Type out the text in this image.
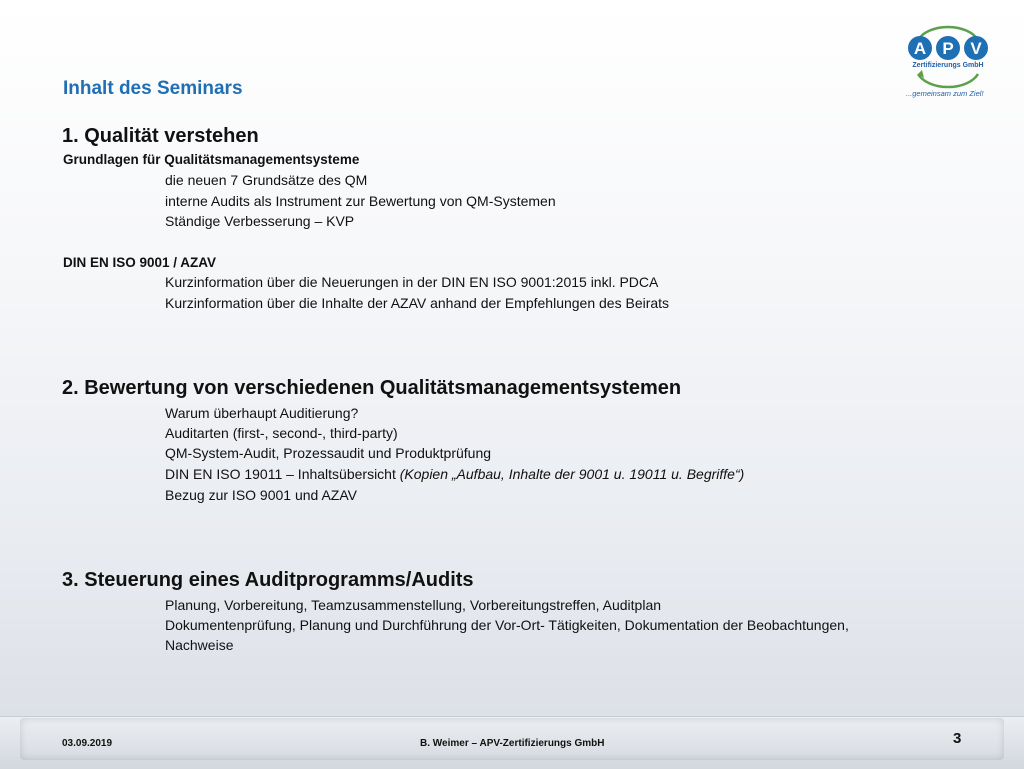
A P V
Zertifizierungs GmbH
...gemeinsam zum Ziel!
Inhalt des Seminars
1. Qualität verstehen
Grundlagen für Qualitätsmanagementsysteme
die neuen 7 Grundsätze des QM
interne Audits als Instrument zur Bewertung von QM-Systemen
Ständige Verbesserung – KVP
DIN EN ISO 9001 / AZAV
Kurzinformation über die Neuerungen in der DIN EN ISO 9001:2015 inkl. PDCA
Kurzinformation über die Inhalte der AZAV anhand der Empfehlungen des Beirats
2. Bewertung von verschiedenen Qualitätsmanagementsystemen
Warum überhaupt Auditierung?
Auditarten (first-, second-, third-party)
QM-System-Audit, Prozessaudit und Produktprüfung
DIN EN ISO 19011 – Inhaltsübersicht (Kopien „Aufbau, Inhalte der 9001 u. 19011 u. Begriffe“)
Bezug zur ISO 9001 und AZAV
3. Steuerung eines Auditprogramms/Audits
Planung, Vorbereitung, Teamzusammenstellung, Vorbereitungstreffen, Auditplan
Dokumentenprüfung, Planung und Durchführung der Vor-Ort- Tätigkeiten, Dokumentation der Beobachtungen,
Nachweise
03.09.2019	B. Weimer – APV-Zertifizierungs GmbH	3
